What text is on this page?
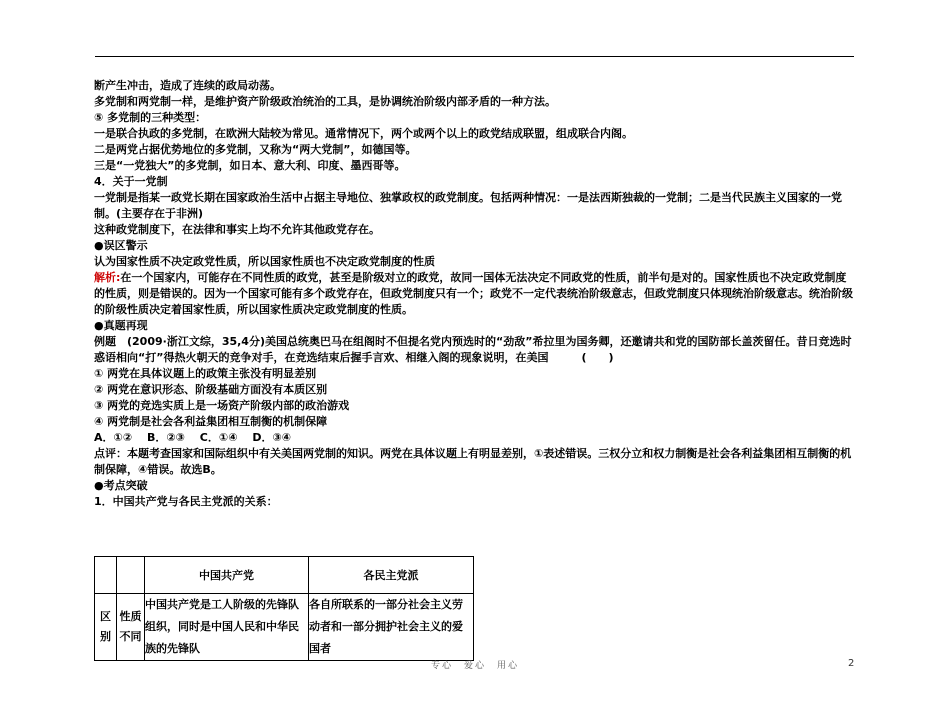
断产生冲击，造成了连续的政局动荡。

多党制和两党制一样，是维护资产阶级政治统治的工具，是协调统治阶级内部矛盾的一种方法。

⑤ 多党制的三种类型：

一是联合执政的多党制，在欧洲大陆较为常见。通常情况下，两个或两个以上的政党结成联盟，组成联合内阁。

二是两党占据优势地位的多党制，又称为“两大党制”，如德国等。

三是“一党独大”的多党制，如日本、意大利、印度、墨西哥等。

4．关于一党制

一党制是指某一政党长期在国家政治生活中占据主导地位、独掌政权的政党制度。包括两种情况：一是法西斯独裁的一党制；二是当代民族主义国家的一党制。(主要存在于非洲)

这种政党制度下，在法律和事实上均不允许其他政党存在。

●误区警示

认为国家性质不决定政党性质，所以国家性质也不决定政党制度的性质

解析:在一个国家内，可能存在不同性质的政党，甚至是阶级对立的政党，故同一国体无法决定不同政党的性质，前半句是对的。国家性质也不决定政党制度的性质，则是错误的。因为一个国家可能有多个政党存在，但政党制度只有一个；政党不一定代表统治阶级意志，但政党制度只体现统治阶级意志。统治阶级的阶级性质决定着国家性质，所以国家性质决定政党制度的性质。

●真题再现

例题　(2009·浙江文综，35,4分)美国总统奥巴马在组阁时不但提名党内预选时的“劲敌”希拉里为国务卿，还邀请共和党的国防部长盖茨留任。昔日竞选时惑语相向“打”得热火朝天的竞争对手，在竞选结束后握手言欢、相继入阁的现象说明，在美国　　　(　　)

① 两党在具体议题上的政策主张没有明显差别

② 两党在意识形态、阶级基础方面没有本质区别

③ 两党的竞选实质上是一场资产阶级内部的政治游戏

④ 两党制是社会各利益集团相互制衡的机制保障

A．①②　 B．②③　 C．①④　 D．③④

点评：本题考查国家和国际组织中有关美国两党制的知识。两党在具体议题上有明显差别，①表述错误。三权分立和权力制衡是社会各利益集团相互制衡的机制保障，④错误。故选B。

●考点突破

1．中国共产党与各民主党派的关系：

		中国共产党	各民主党派
区别	性质不同	中国共产党是工人阶级的先锋队组织，同时是中国人民和中华民族的先锋队	各自所联系的一部分社会主义劳动者和一部分拥护社会主义的爱国者
专心　爱心　用心	2
